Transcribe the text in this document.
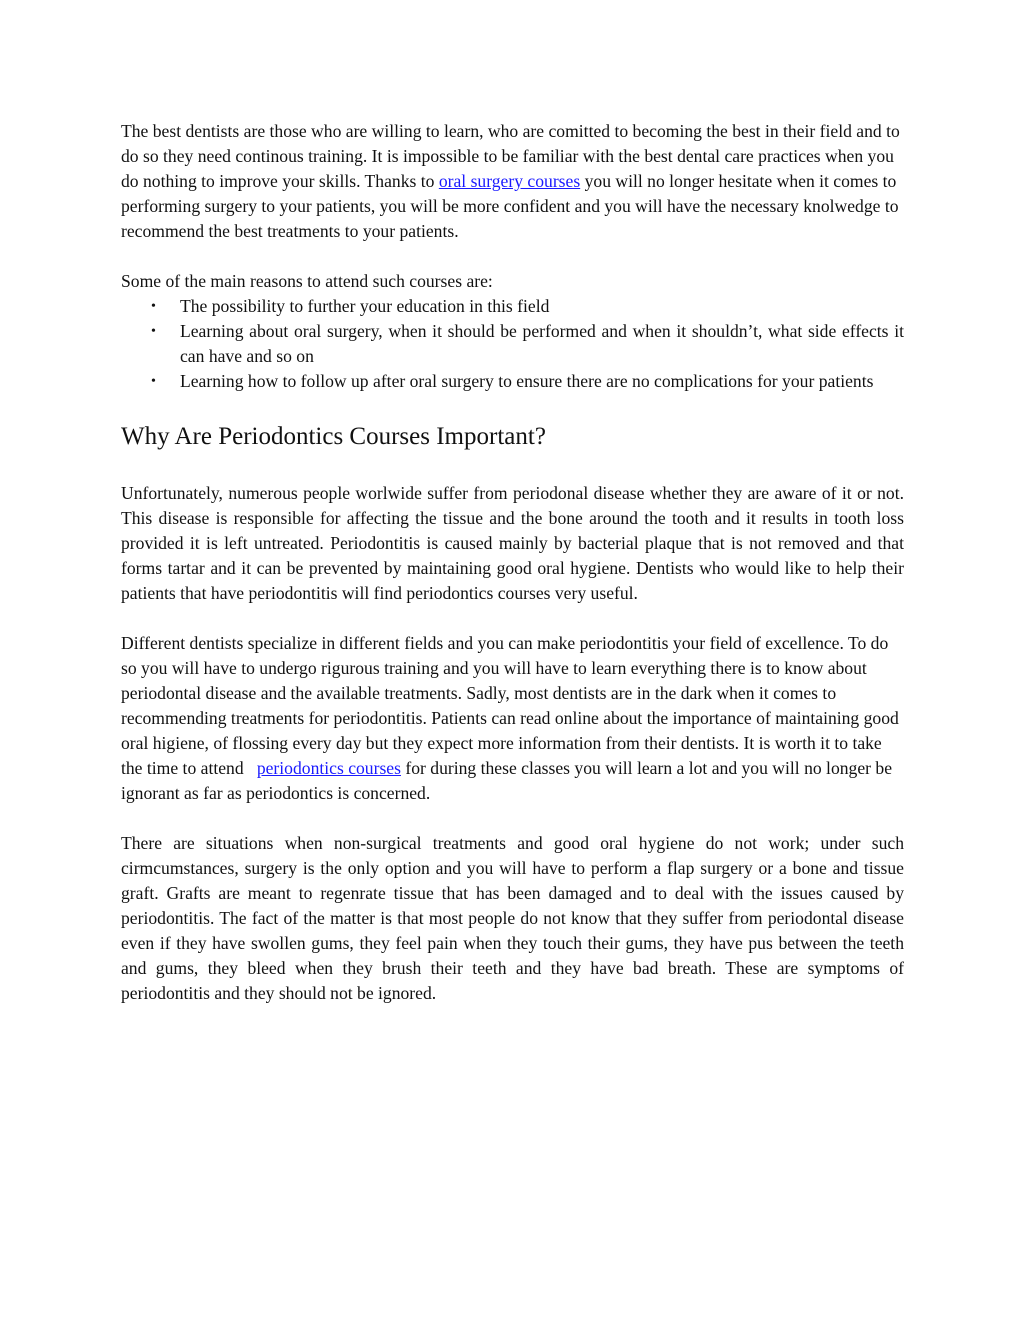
The best dentists are those who are willing to learn, who are comitted to becoming the best in their field and to do so they need continous training. It is impossible to be familiar with the best dental care practices when you do nothing to improve your skills. Thanks to oral surgery courses you will no longer hesitate when it comes to performing surgery to your patients, you will be more confident and you will have the necessary knolwedge to recommend the best treatments to your patients.

Some of the main reasons to attend such courses are:

• The possibility to further your education in this field
• Learning about oral surgery, when it should be performed and when it shouldn’t, what side effects it can have and so on
• Learning how to follow up after oral surgery to ensure there are no complications for your patients
Why Are Periodontics Courses Important?

Unfortunately, numerous people worlwide suffer from periodonal disease whether they are aware of it or not. This disease is responsible for affecting the tissue and the bone around the tooth and it results in tooth loss provided it is left untreated. Periodontitis is caused mainly by bacterial plaque that is not removed and that forms tartar and it can be prevented by maintaining good oral hygiene. Dentists who would like to help their patients that have periodontitis will find periodontics courses very useful.

Different dentists specialize in different fields and you can make periodontitis your field of excellence. To do so you will have to undergo rigurous training and you will have to learn everything there is to know about periodontal disease and the available treatments. Sadly, most dentists are in the dark when it comes to recommending treatments for periodontitis. Patients can read online about the importance of maintaining good oral higiene, of flossing every day but they expect more information from their dentists. It is worth it to take the time to attend   periodontics courses for during these classes you will learn a lot and you will no longer be ignorant as far as periodontics is concerned.

There are situations when non-surgical treatments and good oral hygiene do not work; under such cirmcumstances, surgery is the only option and you will have to perform a flap surgery or a bone and tissue graft. Grafts are meant to regenrate tissue that has been damaged and to deal with the issues caused by periodontitis. The fact of the matter is that most people do not know that they suffer from periodontal disease even if they have swollen gums, they feel pain when they touch their gums, they have pus between the teeth and gums, they bleed when they brush their teeth and they have bad breath. These are symptoms of periodontitis and they should not be ignored.
